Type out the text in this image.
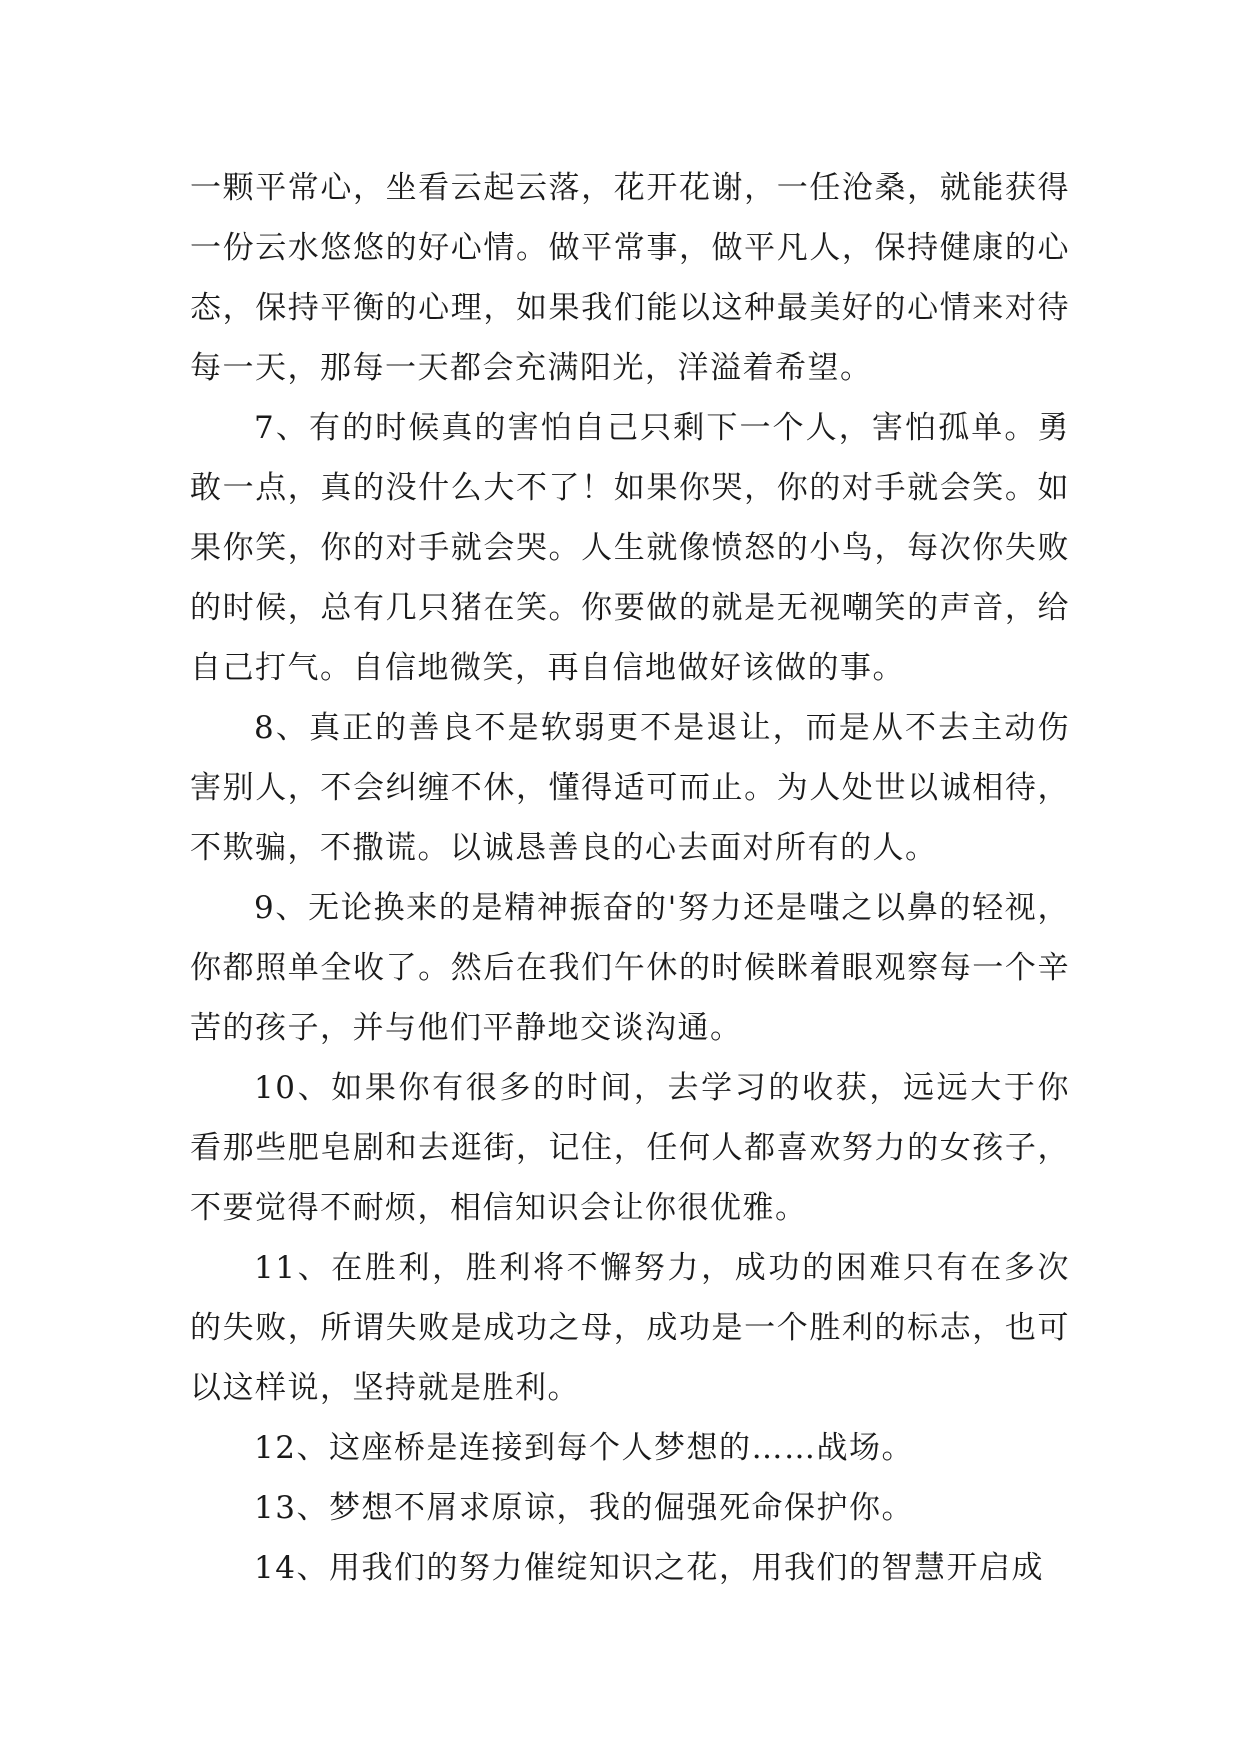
一颗平常心，坐看云起云落，花开花谢，一任沧桑，就能获得一份云水悠悠的好心情。做平常事，做平凡人，保持健康的心态，保持平衡的心理，如果我们能以这种最美好的心情来对待每一天，那每一天都会充满阳光，洋溢着希望。

7、有的时候真的害怕自己只剩下一个人，害怕孤单。勇敢一点，真的没什么大不了！如果你哭，你的对手就会笑。如果你笑，你的对手就会哭。人生就像愤怒的小鸟，每次你失败的时候，总有几只猪在笑。你要做的就是无视嘲笑的声音，给自己打气。自信地微笑，再自信地做好该做的事。

8、真正的善良不是软弱更不是退让，而是从不去主动伤害别人，不会纠缠不休，懂得适可而止。为人处世以诚相待，不欺骗，不撒谎。以诚恳善良的心去面对所有的人。

9、无论换来的是精神振奋的'努力还是嗤之以鼻的轻视，你都照单全收了。然后在我们午休的时候眯着眼观察每一个辛苦的孩子，并与他们平静地交谈沟通。

10、如果你有很多的时间，去学习的收获，远远大于你看那些肥皂剧和去逛街，记住，任何人都喜欢努力的女孩子，不要觉得不耐烦，相信知识会让你很优雅。

11、在胜利，胜利将不懈努力，成功的困难只有在多次的失败，所谓失败是成功之母，成功是一个胜利的标志，也可以这样说，坚持就是胜利。

12、这座桥是连接到每个人梦想的……战场。

13、梦想不屑求原谅，我的倔强死命保护你。

14、用我们的努力催绽知识之花，用我们的智慧开启成
